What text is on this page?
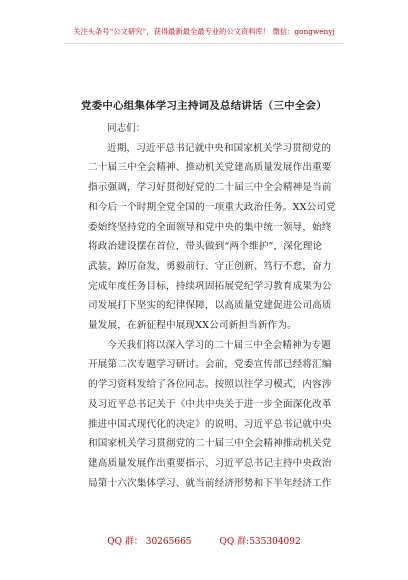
关注头条号“公文研究”，获得最新最全最专业的公文资料库！ 微信：gongwenyj
党委中心组集体学习主持词及总结讲话（三中全会）

同志们：

近期，习近平总书记就中央和国家机关学习贯彻党的
二十届三中全会精神、推动机关党建高质量发展作出重要
指示强调，学习好贯彻好党的二十届三中全会精神是当前
和今后一个时期全党全国的一项重大政治任务。XX公司党
委始终坚持党的全面领导和党中央的集中统一领导，始终
将政治建设摆在首位，带头做到“两个维护”，深化理论
武装，踔厉奋发、勇毅前行、守正创新、笃行不怠，奋力
完成年度任务目标，持续巩固拓展党纪学习教育成果为公
司发展打下坚实的纪律保障，以高质量党建促进公司高质
量发展，在新征程中展现XX公司新担当新作为。
今天我们将以深入学习的二十届三中全会精神为专题
开展第二次专题学习研讨。会前，党委宣传部已经将汇编
的学习资料发给了各位同志。按照以往学习模式，内容涉
及习近平总书记关于《中共中央关于进一步全面深化改革
推进中国式现代化的决定》的说明、习近平总书记就中央
和国家机关学习贯彻党的二十届三中全会精神推动机关党
建高质量发展作出重要指示、习近平总书记主持中央政治
局第十六次集体学习、就当前经济形势和下半年经济工作
QQ 群： 30265665	QQ 群:535304092
